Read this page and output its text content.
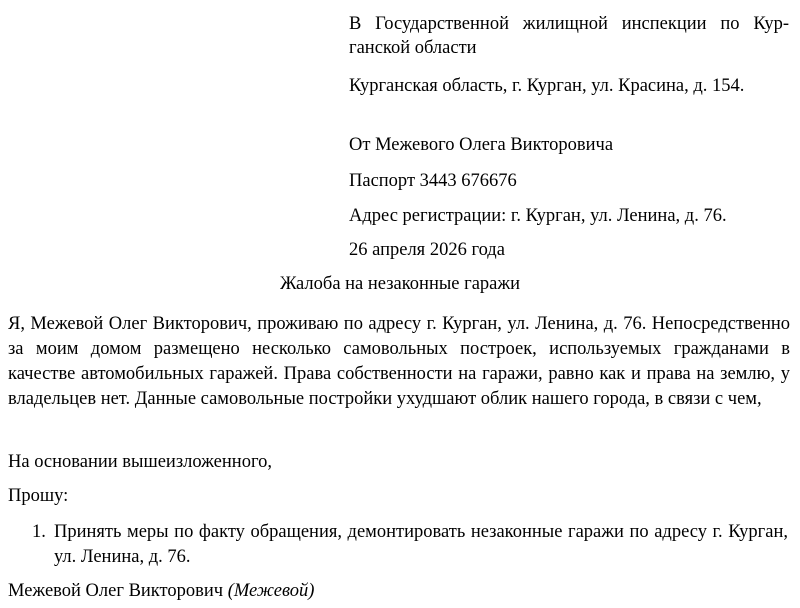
В Государственной жилищной инспекции по Курганской области
Курганская область, г. Курган, ул. Красина, д. 154.
От Межевого Олега Викторовича
Паспорт 3443 676676
Адрес регистрации: г. Курган, ул. Ленина, д. 76.
26 апреля 2026 года
Жалоба на незаконные гаражи
Я, Межевой Олег Викторович, проживаю по адресу г. Курган, ул. Ленина, д. 76. Непосредственно за моим домом размещено несколько самовольных построек, используемых гражданами в качестве автомобильных гаражей. Права собственности на гаражи, равно как и права на землю, у владельцев нет. Данные самовольные постройки ухудшают облик нашего города, в связи с чем,
На основании вышеизложенного,
Прошу:
1. Принять меры по факту обращения, демонтировать незаконные гаражи по адресу г. Курган, ул. Ленина, д. 76.
Межевой Олег Викторович (Межевой)
